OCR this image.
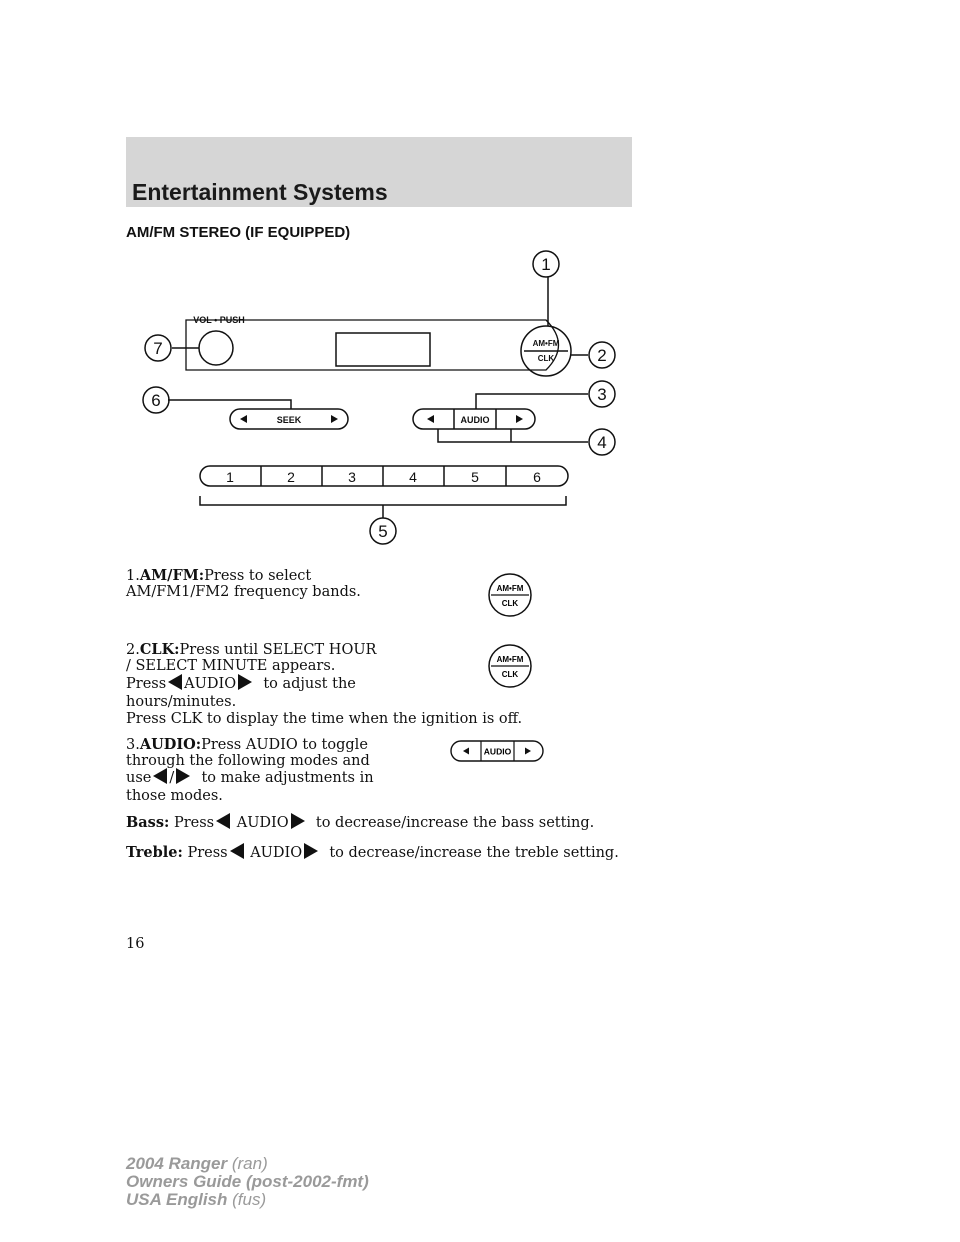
Entertainment Systems
AM/FM STEREO (IF EQUIPPED)
VOL • PUSH
AM•FM
CLK
SEEK	AUDIO
1	2	3	4	5	6
1
2
3
4
5
6
7
1.AM/FM:Press to select
AM/FM1/FM2 frequency bands.	AM•FM
CLK
2.CLK:Press until SELECT HOUR
/ SELECT MINUTE appears.
Press AUDIO to adjust the
hours/minutes.
Press CLK to display the time when the ignition is off.
AM•FM
CLK
3.AUDIO:Press AUDIO to toggle
through the following modes and
use / to make adjustments in
those modes.
AUDIO
Bass: Press AUDIO to decrease/increase the bass setting.
Treble: Press AUDIO to decrease/increase the treble setting.
16
2004 Ranger (ran)
Owners Guide (post-2002-fmt)
USA English (fus)
